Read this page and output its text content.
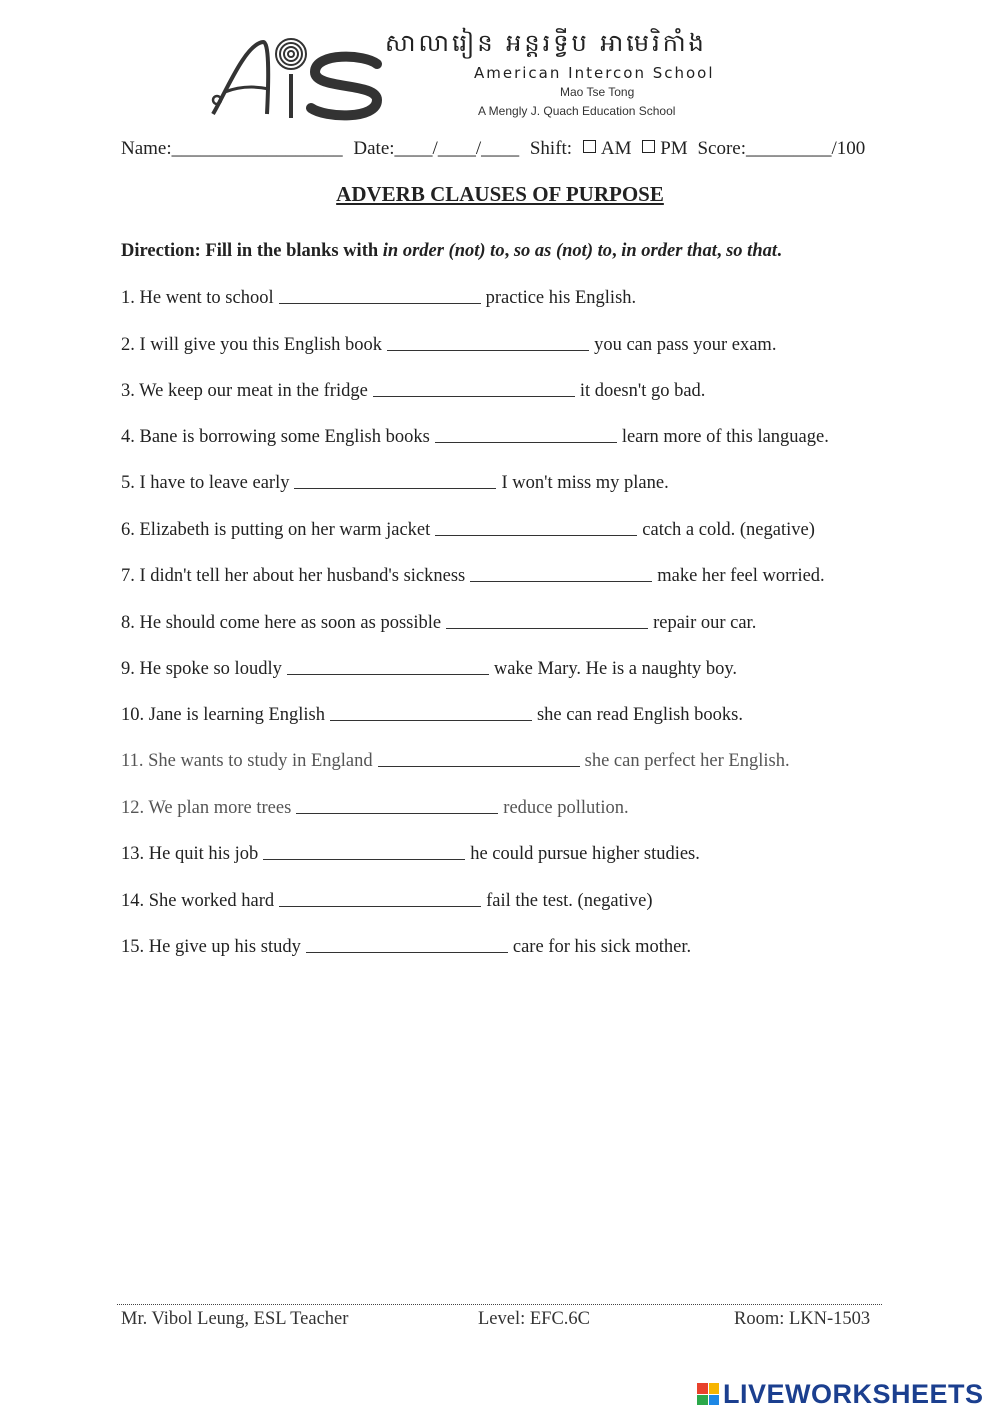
សាលារៀន អន្តរទ្វីប អាមេរិកាំង
American Intercon School
Mao Tse Tong
A Mengly J. Quach Education School
Name:__________________ Date:____/____/____ Shift: AM PM Score:_________/100
ADVERB CLAUSES OF PURPOSE
Direction: Fill in the blanks with in order (not) to, so as (not) to, in order that, so that.
1. He went to school	practice his English.
2. I will give you this English book	you can pass your exam.
3. We keep our meat in the fridge	it doesn't go bad.
4. Bane is borrowing some English books	learn more of this language.
5. I have to leave early	I won't miss my plane.
6. Elizabeth is putting on her warm jacket	catch a cold. (negative)
7. I didn't tell her about her husband's sickness	make her feel worried.
8. He should come here as soon as possible	repair our car.
9. He spoke so loudly	wake Mary. He is a naughty boy.
10. Jane is learning English	she can read English books.
11. She wants to study in England	she can perfect her English.
12. We plan more trees	reduce pollution.
13. He quit his job	he could pursue higher studies.
14. She worked hard	fail the test. (negative)
15. He give up his study	care for his sick mother.
Mr. Vibol Leung, ESL Teacher	Level: EFC.6C	Room: LKN-1503
LIVEWORKSHEETS
